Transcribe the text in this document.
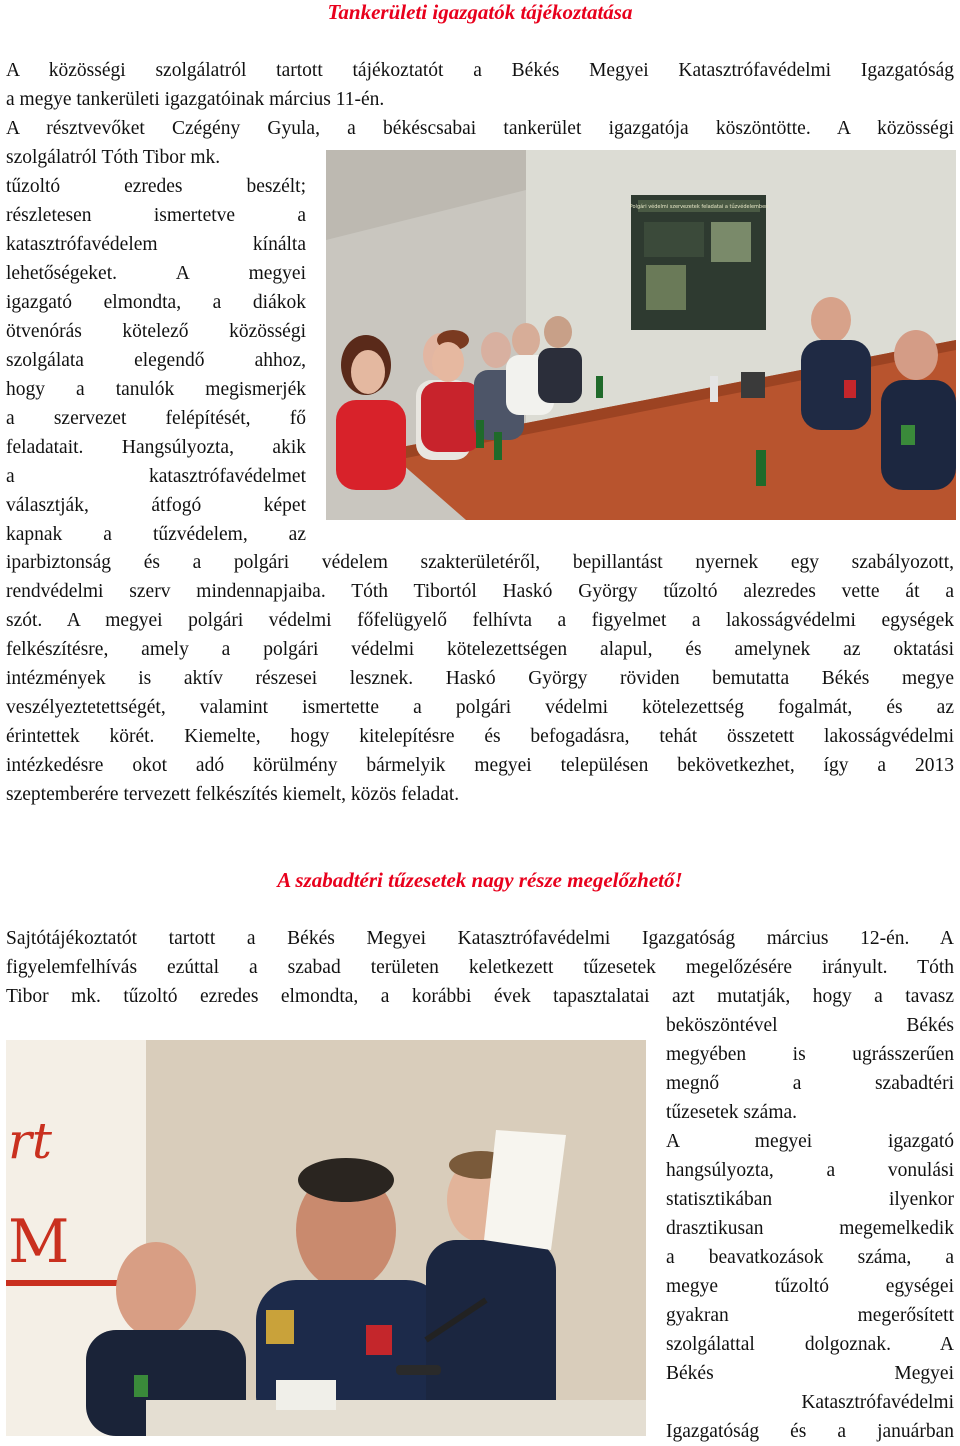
Tankerületi igazgatók tájékoztatása
A közösségi szolgálatról tartott tájékoztatót a Békés Megyei Katasztrófavédelmi Igazgatóság
a megye tankerületi igazgatóinak március 11-én.
A résztvevőket Czégény Gyula, a békéscsabai tankerület igazgatója köszöntötte. A közösségi
szolgálatról Tóth Tibor mk.
tűzoltó ezredes beszélt;
részletesen ismertetve a
katasztrófavédelem kínálta
lehetőségeket. A megyei
igazgató elmondta, a diákok
ötvenórás kötelező közösségi
szolgálata elegendő ahhoz,
hogy a tanulók megismerjék
a szervezet felépítését, fő
feladatait. Hangsúlyozta, akik
a katasztrófavédelmet
választják, átfogó képet
kapnak a tűzvédelem, az
Polgári védelmi szervezetek feladatai a tűzvédelemben
iparbiztonság és a polgári védelem szakterületéről, bepillantást nyernek egy szabályozott,
rendvédelmi szerv mindennapjaiba. Tóth Tibortól Haskó György tűzoltó alezredes vette át a
szót. A megyei polgári védelmi főfelügyelő felhívta a figyelmet a lakosságvédelmi egységek
felkészítésre, amely a polgári védelmi kötelezettségen alapul, és amelynek az oktatási
intézmények is aktív részesei lesznek. Haskó György röviden bemutatta Békés megye
veszélyeztetettségét, valamint ismertette a polgári védelmi kötelezettség fogalmát, és az
érintettek körét. Kiemelte, hogy kitelepítésre és befogadásra, tehát összetett lakosságvédelmi
intézkedésre okot adó körülmény bármelyik megyei településen bekövetkezhet, így a 2013
szeptemberére tervezett felkészítés kiemelt, közös feladat.
A szabadtéri tűzesetek nagy része megelőzhető!
Sajtótájékoztatót tartott a Békés Megyei Katasztrófavédelmi Igazgatóság március 12-én. A
figyelemfelhívás ezúttal a szabad területen keletkezett tűzesetek megelőzésére irányult. Tóth
Tibor mk. tűzoltó ezredes elmondta, a korábbi évek tapasztalatai azt mutatják, hogy a tavasz
rt
M
beköszöntével Békés
megyében is ugrásszerűen
megnő a szabadtéri
tűzesetek száma.
A megyei igazgató
hangsúlyozta, a vonulási
statisztikában ilyenkor
drasztikusan megemelkedik
a beavatkozások száma, a
megye tűzoltó egységei
gyakran megerősített
szolgálattal dolgoznak. A
Békés Megyei
Katasztrófavédelmi
Igazgatóság és a januárban
